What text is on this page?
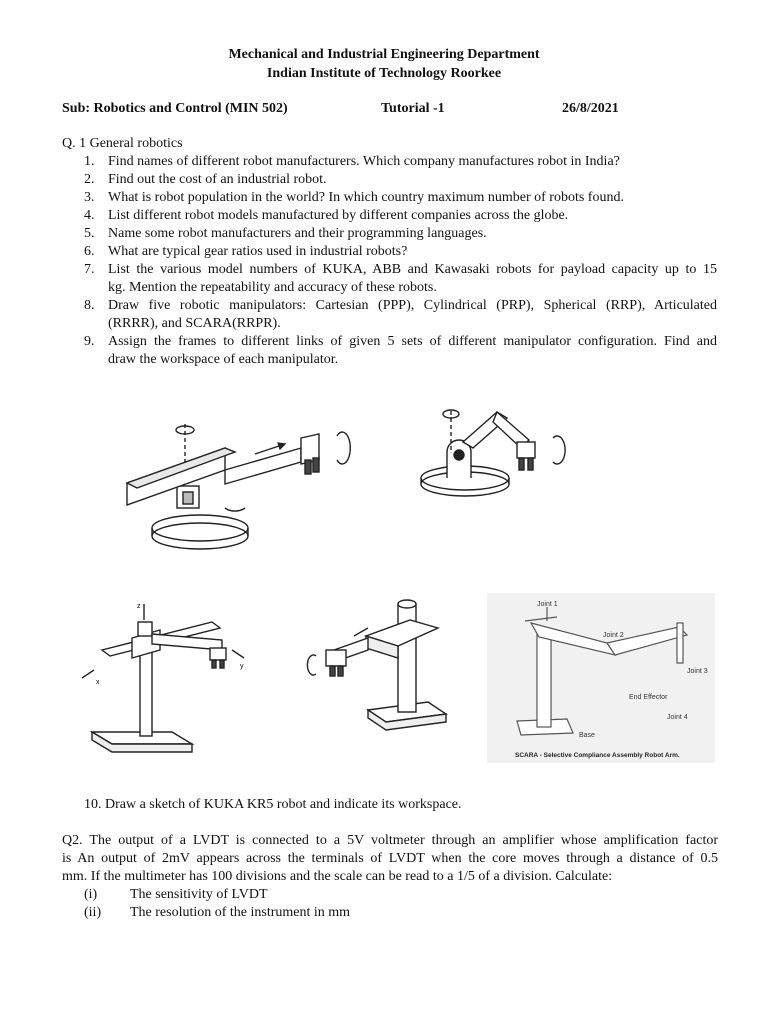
Mechanical and Industrial Engineering Department
Indian Institute of Technology Roorkee
Sub: Robotics and Control (MIN 502)	Tutorial -1	26/8/2021
Q. 1 General robotics
1. Find names of different robot manufacturers. Which company manufactures robot in India?
2. Find out the cost of an industrial robot.
3. What is robot population in the world? In which country maximum number of robots found.
4. List different robot models manufactured by different companies across the globe.
5. Name some robot manufacturers and their programming languages.
6. What are typical gear ratios used in industrial robots?
7. List the various model numbers of KUKA, ABB and Kawasaki robots for payload capacity up to 15
kg. Mention the repeatability and accuracy of these robots.
8. Draw five robotic manipulators: Cartesian (PPP), Cylindrical (PRP), Spherical (RRP), Articulated
(RRRR), and SCARA(RRPR).
9. Assign the frames to different links of given 5 sets of different manipulator configuration. Find and
draw the workspace of each manipulator.
z
x
y
Joint 1
Joint 2
Joint 3
Joint 4
End Effector
Base
SCARA - Selective Compliance Assembly Robot Arm.
10. Draw a sketch of KUKA KR5 robot and indicate its workspace.
Q2. The output of a LVDT is connected to a 5V voltmeter through an amplifier whose amplification factor
is An output of 2mV appears across the terminals of LVDT when the core moves through a distance of 0.5
mm. If the multimeter has 100 divisions and the scale can be read to a 1/5 of a division. Calculate:
(i) The sensitivity of LVDT
(ii) The resolution of the instrument in mm
